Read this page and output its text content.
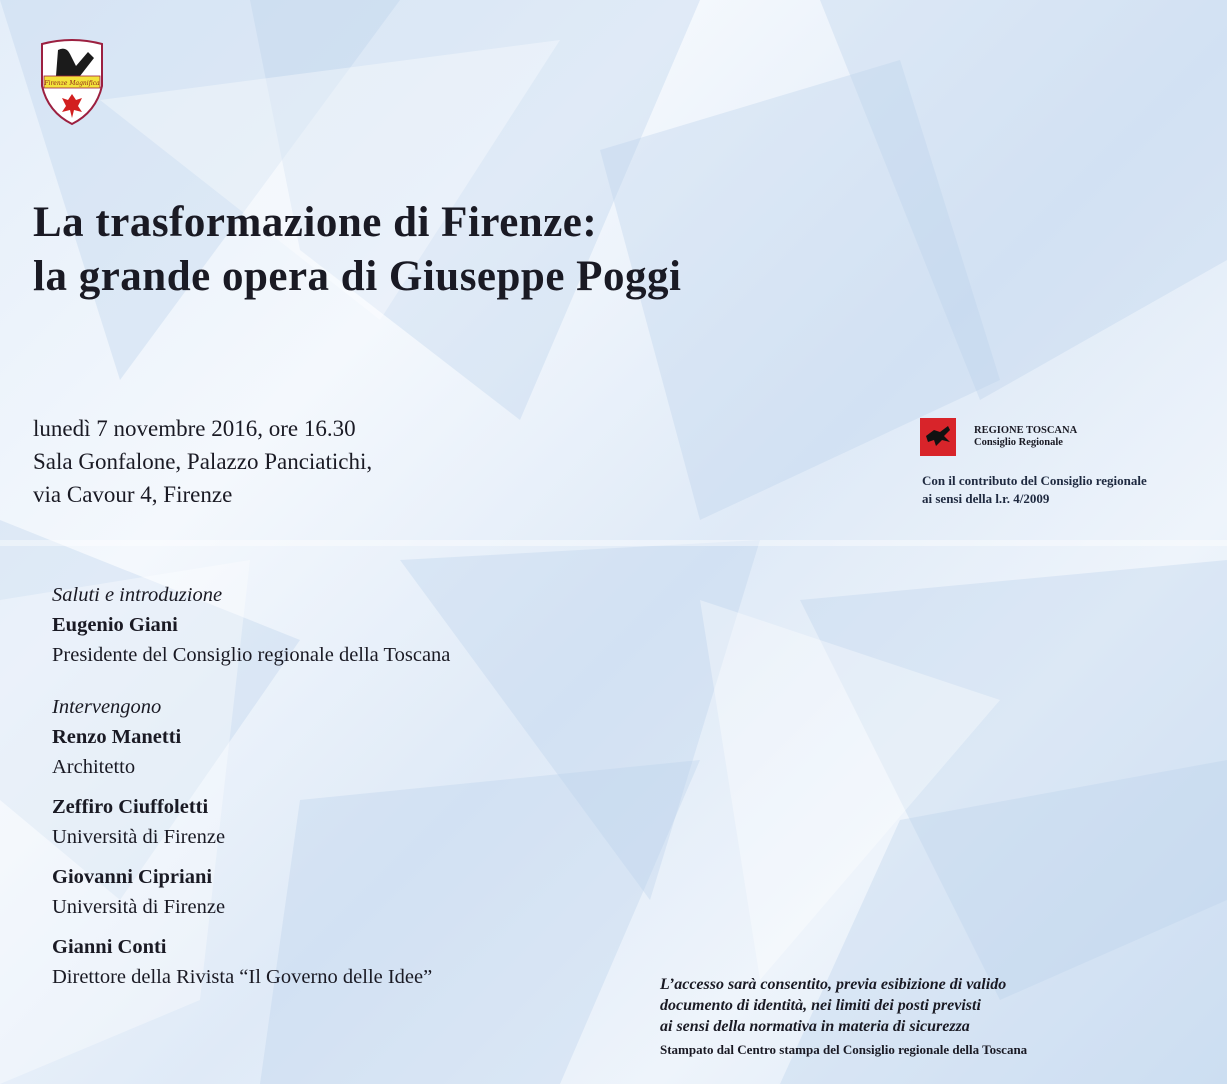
Firenze Magnifica
La trasformazione di Firenze:
la grande opera di Giuseppe Poggi
lunedì 7 novembre 2016, ore 16.30
Sala Gonfalone, Palazzo Panciatichi,
via Cavour 4, Firenze

REGIONE TOSCANA
Consiglio Regionale
Con il contributo del Consiglio regionale
ai sensi della l.r. 4/2009
Saluti e introduzione
Eugenio Giani
Presidente del Consiglio regionale della Toscana
Intervengono
Renzo Manetti
Architetto
Zeffiro Ciuffoletti
Università di Firenze
Giovanni Cipriani
Università di Firenze
Gianni Conti
Direttore della Rivista “Il Governo delle Idee”	L’accesso sarà consentito, previa esibizione di valido
documento di identità, nei limiti dei posti previsti
ai sensi della normativa in materia di sicurezza
Stampato dal Centro stampa del Consiglio regionale della Toscana
